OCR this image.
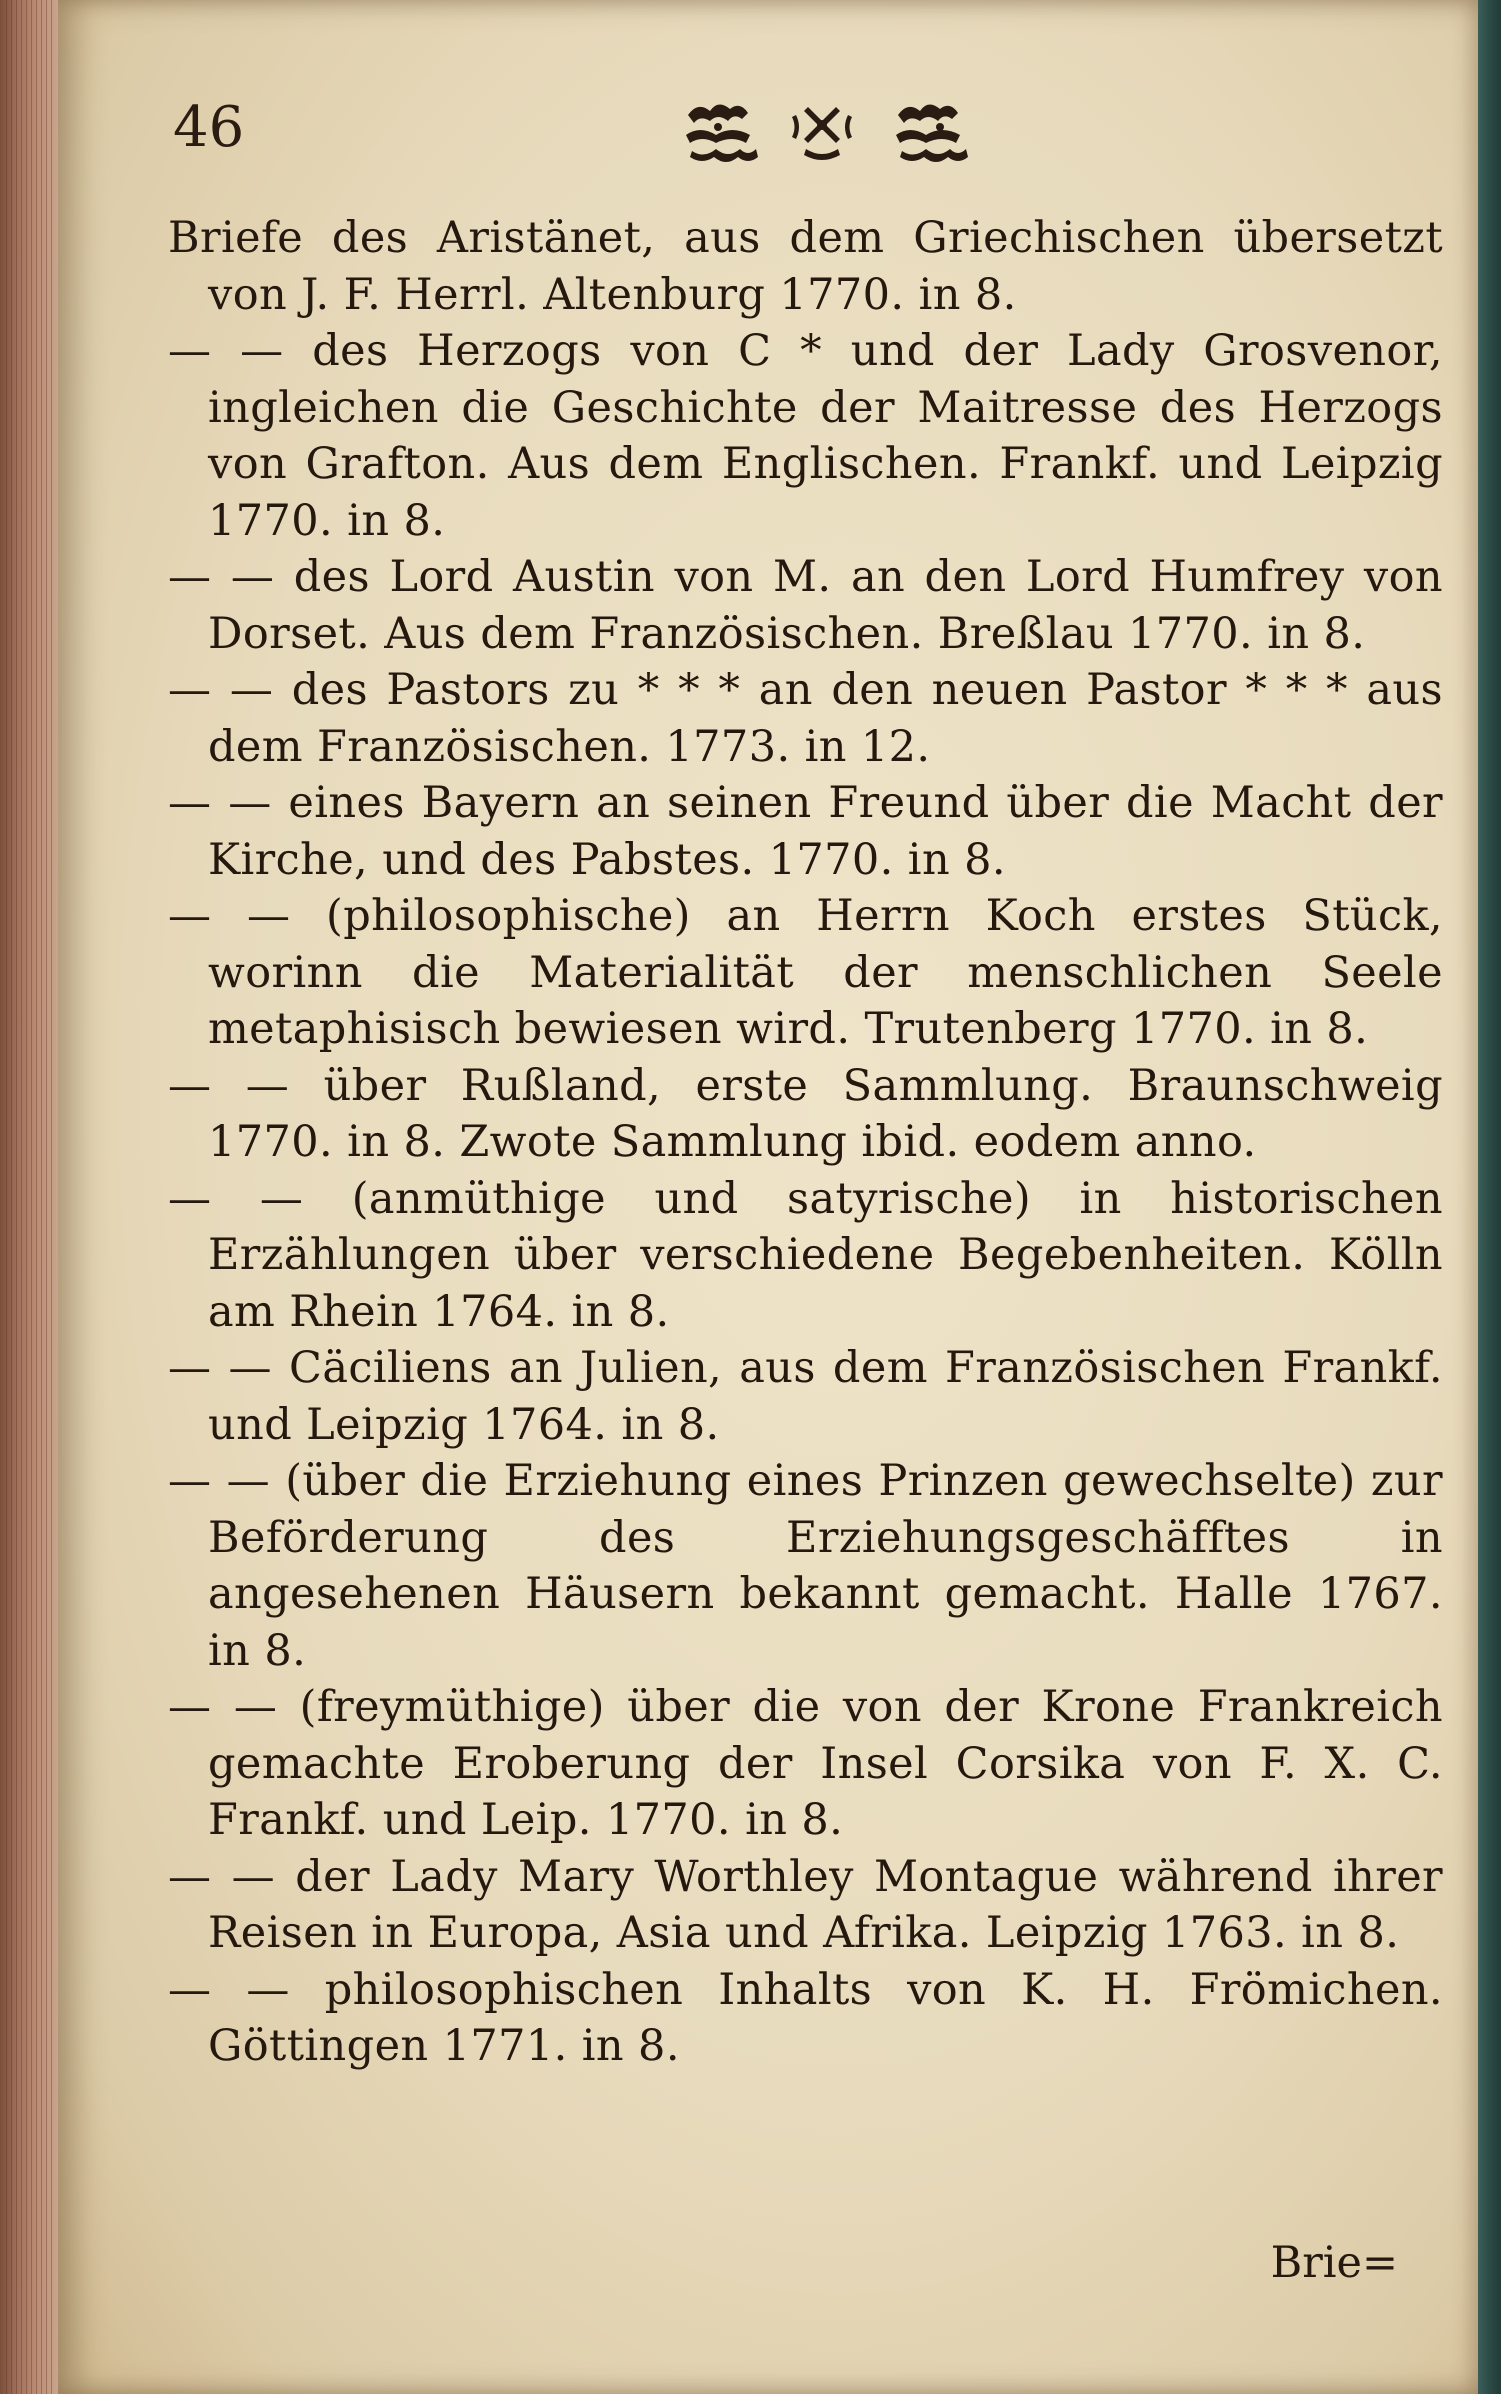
46

Briefe des Aristänet, aus dem Griechischen übersetzt von J. F. Herrl. Altenburg 1770. in 8.

— — des Herzogs von C * und der Lady Grosvenor, ingleichen die Geschichte der Maitresse des Herzogs von Grafton. Aus dem Englischen. Frankf. und Leipzig 1770. in 8.

— — des Lord Austin von M. an den Lord Humfrey von Dorset. Aus dem Französischen. Breßlau 1770. in 8.

— — des Pastors zu * * * an den neuen Pastor * * * aus dem Französischen. 1773. in 12.

— — eines Bayern an seinen Freund über die Macht der Kirche, und des Pabstes. 1770. in 8.

— — (philosophische) an Herrn Koch erstes Stück, worinn die Materialität der menschlichen Seele metaphisisch bewiesen wird. Trutenberg 1770. in 8.

— — über Rußland, erste Sammlung. Braunschweig 1770. in 8. Zwote Sammlung ibid. eodem anno.

— — (anmüthige und satyrische) in historischen Erzählungen über verschiedene Begebenheiten. Kölln am Rhein 1764. in 8.

— — Cäciliens an Julien, aus dem Französischen Frankf. und Leipzig 1764. in 8.

— — (über die Erziehung eines Prinzen gewechselte) zur Beförderung des Erziehungsgeschäfftes in angesehenen Häusern bekannt gemacht. Halle 1767. in 8.

— — (freymüthige) über die von der Krone Frankreich gemachte Eroberung der Insel Corsika von F. X. C. Frankf. und Leip. 1770. in 8.

— — der Lady Mary Worthley Montague während ihrer Reisen in Europa, Asia und Afrika. Leipzig 1763. in 8.

— — philosophischen Inhalts von K. H. Frömichen. Göttingen 1771. in 8.

Brie=
